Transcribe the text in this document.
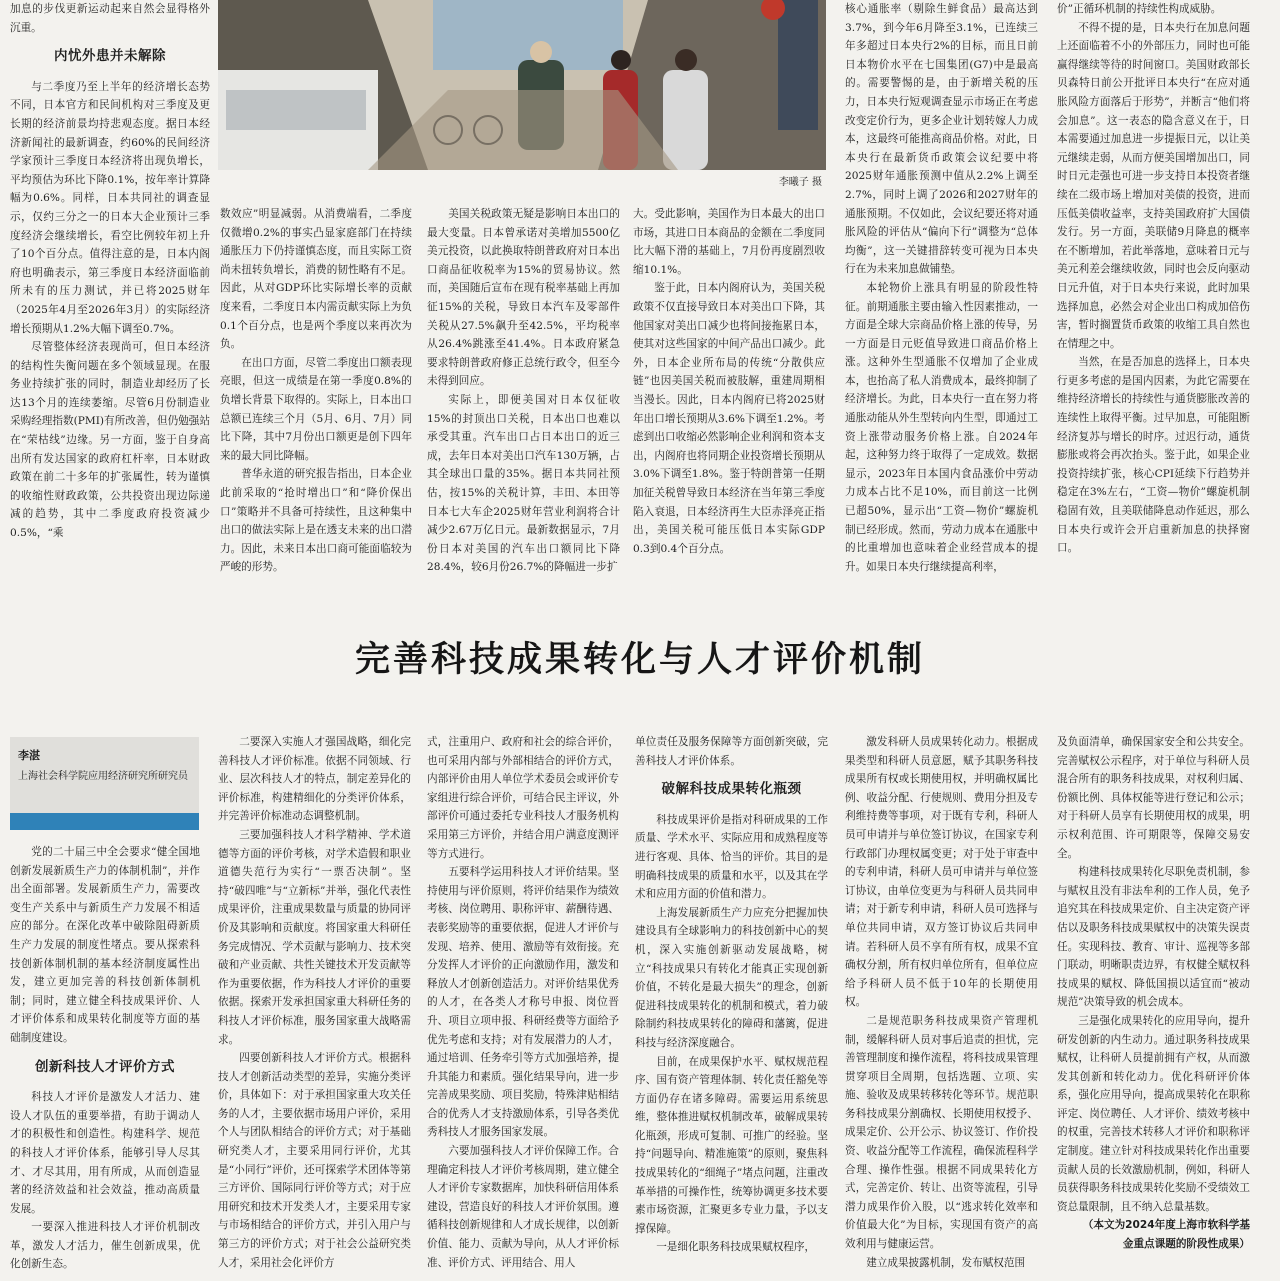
加息的步伐更新运动起来自然会显得格外沉重。

内忧外患并未解除

与二季度乃至上半年的经济增长态势不同，日本官方和民间机构对三季度及更长期的经济前景均持悲观态度。据日本经济新闻社的最新调查，约60%的民间经济学家预计三季度日本经济将出现负增长，平均预估为环比下降0.1%，按年率计算降幅为0.6%。同样，日本共同社的调查显示，仅约三分之一的日本大企业预计三季度经济会继续增长，看空比例较年初上升了10个百分点。值得注意的是，日本内阁府也明确表示，第三季度日本经济面临前所未有的压力测试，并已将2025财年（2025年4月至2026年3月）的实际经济增长预期从1.2%大幅下调至0.7%。

尽管整体经济表现尚可，但日本经济的结构性失衡问题在多个领域显现。在服务业持续扩张的同时，制造业却经历了长达13个月的连续萎缩。尽管6月份制造业采购经理指数(PMI)有所改善，但仍勉强站在“荣枯线”边缘。另一方面，鉴于自身高出所有发达国家的政府杠杆率，日本财政政策在前二十多年的扩张属性，转为谨慎的收缩性财政政策，公共投资出现边际递减的趋势，其中二季度政府投资减少0.5%，“乘

李曦子 摄

数效应”明显减弱。从消费端看，二季度仅微增0.2%的事实凸显家庭部门在持续通胀压力下仍持谨慎态度，而且实际工资尚未扭转负增长，消费的韧性略有不足。因此，从对GDP环比实际增长率的贡献度来看，二季度日本内需贡献实际上为负0.1个百分点，也是两个季度以来再次为负。

在出口方面，尽管二季度出口额表现亮眼，但这一成绩是在第一季度0.8%的负增长背景下取得的。实际上，日本出口总额已连续三个月（5月、6月、7月）同比下降，其中7月份出口额更是创下四年来的最大同比降幅。

普华永道的研究报告指出，日本企业此前采取的“抢时增出口”和“降价保出口”策略并不具备可持续性，且这种集中出口的做法实际上是在透支未来的出口潜力。因此，未来日本出口商可能面临较为严峻的形势。

美国关税政策无疑是影响日本出口的最大变量。日本曾承诺对美增加5500亿美元投资，以此换取特朗普政府对日本出口商品征收税率为15%的贸易协议。然而，美国随后宣布在现有税率基础上再加征15%的关税，导致日本汽车及零部件关税从27.5%飙升至42.5%，平均税率从26.4%跳涨至41.4%。日本政府紧急要求特朗普政府修正总统行政令，但至今未得到回应。

实际上，即便美国对日本仅征收15%的封顶出口关税，日本出口也难以承受其重。汽车出口占日本出口的近三成，去年日本对美出口汽车130万辆，占其全球出口量的35%。据日本共同社预估，按15%的关税计算，丰田、本田等日本七大车企2025财年营业利润将合计减少2.67万亿日元。最新数据显示，7月份日本对美国的汽车出口额同比下降28.4%，较6月份26.7%的降幅进一步扩

大。受此影响，美国作为日本最大的出口市场，其进口日本商品的金额在二季度同比大幅下滑的基础上，7月份再度剧烈收缩10.1%。

鉴于此，日本内阁府认为，美国关税政策不仅直接导致日本对美出口下降，其他国家对美出口减少也将间接拖累日本，使其对这些国家的中间产品出口减少。此外，日本企业所布局的传统“分散供应链”也因美国关税而被肢解，重建周期相当漫长。因此，日本内阁府已将2025财年出口增长预期从3.6%下调至1.2%。考虑到出口收缩必然影响企业利润和资本支出，内阁府也将同期企业投资增长预期从3.0%下调至1.8%。鉴于特朗普第一任期加征关税曾导致日本经济在当年第三季度陷入衰退，日本经济再生大臣赤泽亮正指出，美国关税可能压低日本实际GDP 0.3到0.4个百分点。

核心通胀率（剔除生鲜食品）最高达到3.7%，到今年6月降至3.1%，已连续三年多超过日本央行2%的目标，而且日前日本物价水平在七国集团(G7)中是最高的。需要警惕的是，由于新增关税的压力，日本央行短观调查显示市场正在考虑改变定价行为，更多企业计划转嫁人力成本，这最终可能推高商品价格。对此，日本央行在最新货币政策会议纪要中将2025财年通胀预测中值从2.2%上调至2.7%，同时上调了2026和2027财年的通胀预期。不仅如此，会议纪要还将对通胀风险的评估从“偏向下行”调整为“总体均衡”，这一关键措辞转变可视为日本央行在为未来加息做铺垫。

本轮物价上涨具有明显的阶段性特征。前期通胀主要由输入性因素推动，一方面是全球大宗商品价格上涨的传导，另一方面是日元贬值导致进口商品价格上涨。这种外生型通胀不仅增加了企业成本，也抬高了私人消费成本，最终抑制了经济增长。为此，日本央行一直在努力将通胀动能从外生型转向内生型，即通过工资上涨带动服务价格上涨。自2024年起，这种努力终于取得了一定成效。数据显示，2023年日本国内食品涨价中劳动力成本占比不足10%，而目前这一比例已超50%，显示出“工资—物价”螺旋机制已经形成。然而，劳动力成本在通胀中的比重增加也意味着企业经营成本的提升。如果日本央行继续提高利率，

价”正循环机制的持续性构成威胁。

不得不提的是，日本央行在加息问题上还面临着不小的外部压力，同时也可能赢得继续等待的时间窗口。美国财政部长贝森特日前公开批评日本央行“在应对通胀风险方面落后于形势”，并断言“他们将会加息”。这一表态的隐含意义在于，日本需要通过加息进一步提振日元，以让美元继续走弱，从而方便美国增加出口，同时日元走强也可进一步支持日本投资者继续在二级市场上增加对美债的投资，进而压低美债收益率，支持美国政府扩大国债发行。另一方面，美联储9月降息的概率在不断增加，若此举落地，意味着日元与美元利差会继续收敛，同时也会反向驱动日元升值，对于日本央行来说，此时加果选择加息，必然会对企业出口构成加倍伤害，暂时搁置货币政策的收缩工具自然也在情理之中。

当然，在是否加息的选择上，日本央行更多考虑的是国内因素，为此它需要在维持经济增长的持续性与通货膨胀改善的连续性上取得平衡。过早加息，可能阻断经济复苏与增长的时序。过迟行动，通货膨胀或将会再次抬头。鉴于此，如果企业投资持续扩张，核心CPI延续下行趋势并稳定在3%左右，“工资—物价”螺旋机制稳固有效，且美联储降息动作延迟，那么日本央行或许会开启重新加息的抉择窗口。

完善科技成果转化与人才评价机制
李湛
上海社会科学院应用经济研究所研究员

党的二十届三中全会要求“健全国地创新发展新质生产力的体制机制”，并作出全面部署。发展新质生产力，需要改变生产关系中与新质生产力发展不相适应的部分。在深化改革中破除阻碍新质生产力发展的制度性堵点。要从探索科技创新体制机制的基本经济制度属性出发，建立更加完善的科技创新体制机制；同时，建立健全科技成果评价、人才评价体系和成果转化制度等方面的基础制度建设。

创新科技人才评价方式

科技人才评价是激发人才活力、建设人才队伍的重要举措，有助于调动人才的积极性和创造性。构建科学、规范的科技人才评价体系，能够引导人尽其才、才尽其用，用有所成，从而创造显著的经济效益和社会效益，推动高质量发展。

一要深入推进科技人才评价机制改革，激发人才活力，催生创新成果，优化创新生态。

二要深入实施人才强国战略，细化完善科技人才评价标准。依据不同领域、行业、层次科技人才的特点，制定差异化的评价标准，构建精细化的分类评价体系，并完善评价标准动态调整机制。

三要加强科技人才科学精神、学术道德等方面的评价考核，对学术造假和职业道德失范行为实行“一票否决制”。坚持“破四唯”与“立新标”并举，强化代表性成果评价，注重成果数量与质量的协同评价及其影响和贡献度。将国家重大科研任务完成情况、学术贡献与影响力、技术突破和产业贡献、共性关键技术开发贡献等作为重要依据，作为科技人才评价的重要依据。探索开发承担国家重大科研任务的科技人才评价标准，服务国家重大战略需求。

四要创新科技人才评价方式。根据科技人才创新活动类型的差异，实施分类评价，具体如下：对于承担国家重大攻关任务的人才，主要依据市场用户评价，采用个人与团队相结合的评价方式；对于基础研究类人才，主要采用同行评价，尤其是“小同行”评价，还可探索学术团体等第三方评价、国际同行评价等方式；对于应用研究和技术开发类人才，主要采用专家与市场相结合的评价方式，并引入用户与第三方的评价方式；对于社会公益研究类人才，采用社会化评价方

式，注重用户、政府和社会的综合评价，也可采用内部与外部相结合的评价方式，内部评价由用人单位学术委员会或评价专家组进行综合评价，可结合民主评议，外部评价可通过委托专业科技人才服务机构采用第三方评价，并结合用户满意度测评等方式进行。

五要科学运用科技人才评价结果。坚持使用与评价原则，将评价结果作为绩效考核、岗位聘用、职称评审、薪酬待遇、表彰奖励等的重要依据，促进人才评价与发现、培养、使用、激励等有效衔接。充分发挥人才评价的正向激励作用，激发和释放人才创新创造活力。对评价结果优秀的人才，在各类人才称号申报、岗位晋升、项目立项申报、科研经费等方面给予优先考虑和支持；对有发展潜力的人才，通过培训、任务牵引等方式加强培养，提升其能力和素质。强化结果导向，进一步完善成果奖励、项目奖励，特殊津贴相结合的优秀人才支持激励体系，引导各类优秀科技人才服务国家发展。

六要加强科技人才评价保障工作。合理确定科技人才评价考核周期，建立健全人才评价专家数据库，加快科研信用体系建设，营造良好的科技人才评价氛围。遵循科技创新规律和人才成长规律，以创新价值、能力、贡献为导向，从人才评价标准、评价方式、评用结合、用人

单位责任及服务保障等方面创新突破，完善科技人才评价体系。

破解科技成果转化瓶颈

科技成果评价是指对科研成果的工作质量、学术水平、实际应用和成熟程度等进行客观、具体、恰当的评价。其目的是明确科技成果的质量和水平，以及其在学术和应用方面的价值和潜力。

上海发展新质生产力应充分把握加快建设具有全球影响力的科技创新中心的契机，深入实施创新驱动发展战略，树立“科技成果只有转化才能真正实现创新价值，不转化是最大损失”的理念，创新促进科技成果转化的机制和模式，着力破除制约科技成果转化的障碍和藩篱，促进科技与经济深度融合。

目前，在成果保护水平、赋权规范程序、国有资产管理体制、转化责任豁免等方面仍存在诸多障碍。需要运用系统思维，整体推进赋权机制改革，破解成果转化瓶颈，形成可复制、可推广的经验。坚持“问题导向、精准施策”的原则，聚焦科技成果转化的“细绳子”堵点问题，注重改革举措的可操作性，统筹协调更多技术要素市场资源，汇聚更多专业力量，予以支撑保障。

一是细化职务科技成果赋权程序，

激发科研人员成果转化动力。根据成果类型和科研人员意愿，赋予其职务科技成果所有权或长期使用权，并明确权属比例、收益分配、行使规则、费用分担及专利维持费等事项，对于既有专利，科研人员可申请并与单位签订协议，在国家专利行政部门办理权属变更；对于处于审查中的专利申请，科研人员可申请并与单位签订协议，由单位变更为与科研人员共同申请；对于新专利申请，科研人员可选择与单位共同申请，双方签订协议后共同申请。若科研人员不享有所有权，成果不宜确权分割，所有权归单位所有，但单位应给予科研人员不低于10年的长期使用权。

二是规范职务科技成果资产管理机制，缓解科研人员对事后追责的担忧，完善管理制度和操作流程，将科技成果管理贯穿项目全周期，包括选题、立项、实施、验收及成果转移转化等环节。规范职务科技成果分割确权、长期使用权授予、成果定价、公开公示、协议签订、作价投资、收益分配等工作流程，确保流程科学合理、操作性强。根据不同成果转化方式，完善定价、转让、出资等流程，引导潜力成果作价入股，以“逃求转化效率和价值最大化”为目标，实现国有资产的高效利用与健康运营。

建立成果披露机制，发布赋权范围

及负面清单，确保国家安全和公共安全。完善赋权公示程序，对于单位与科研人员混合所有的职务科技成果，对权利归属、份额比例、具体权能等进行登记和公示；对于科研人员享有长期使用权的成果，明示权利范围、许可期限等，保障交易安全。

构建科技成果转化尽职免责机制，参与赋权且没有非法牟利的工作人员，免予追究其在科技成果定价、自主决定资产评估以及职务科技成果赋权中的决策失误责任。实现科技、教育、审计、巡视等多部门联动，明晰职责边界，有权健全赋权科技成果的赋权、降低国损以适宜而“被动规范”决策导致的机会成本。

三是强化成果转化的应用导向，提升研发创新的内生动力。通过职务科技成果赋权，让科研人员提前拥有产权，从而激发其创新和转化动力。优化科研评价体系，强化应用导向，提高成果转化在职称评定、岗位聘任、人才评价、绩效考核中的权重，完善技术转移人才评价和职称评定制度。建立针对科技成果转化作出重要贡献人员的长效激励机制，例如，科研人员获得职务科技成果转化奖励不受绩效工资总量限制，且不纳入总量基数。

（本文为2024年度上海市软科学基金重点课题的阶段性成果）
